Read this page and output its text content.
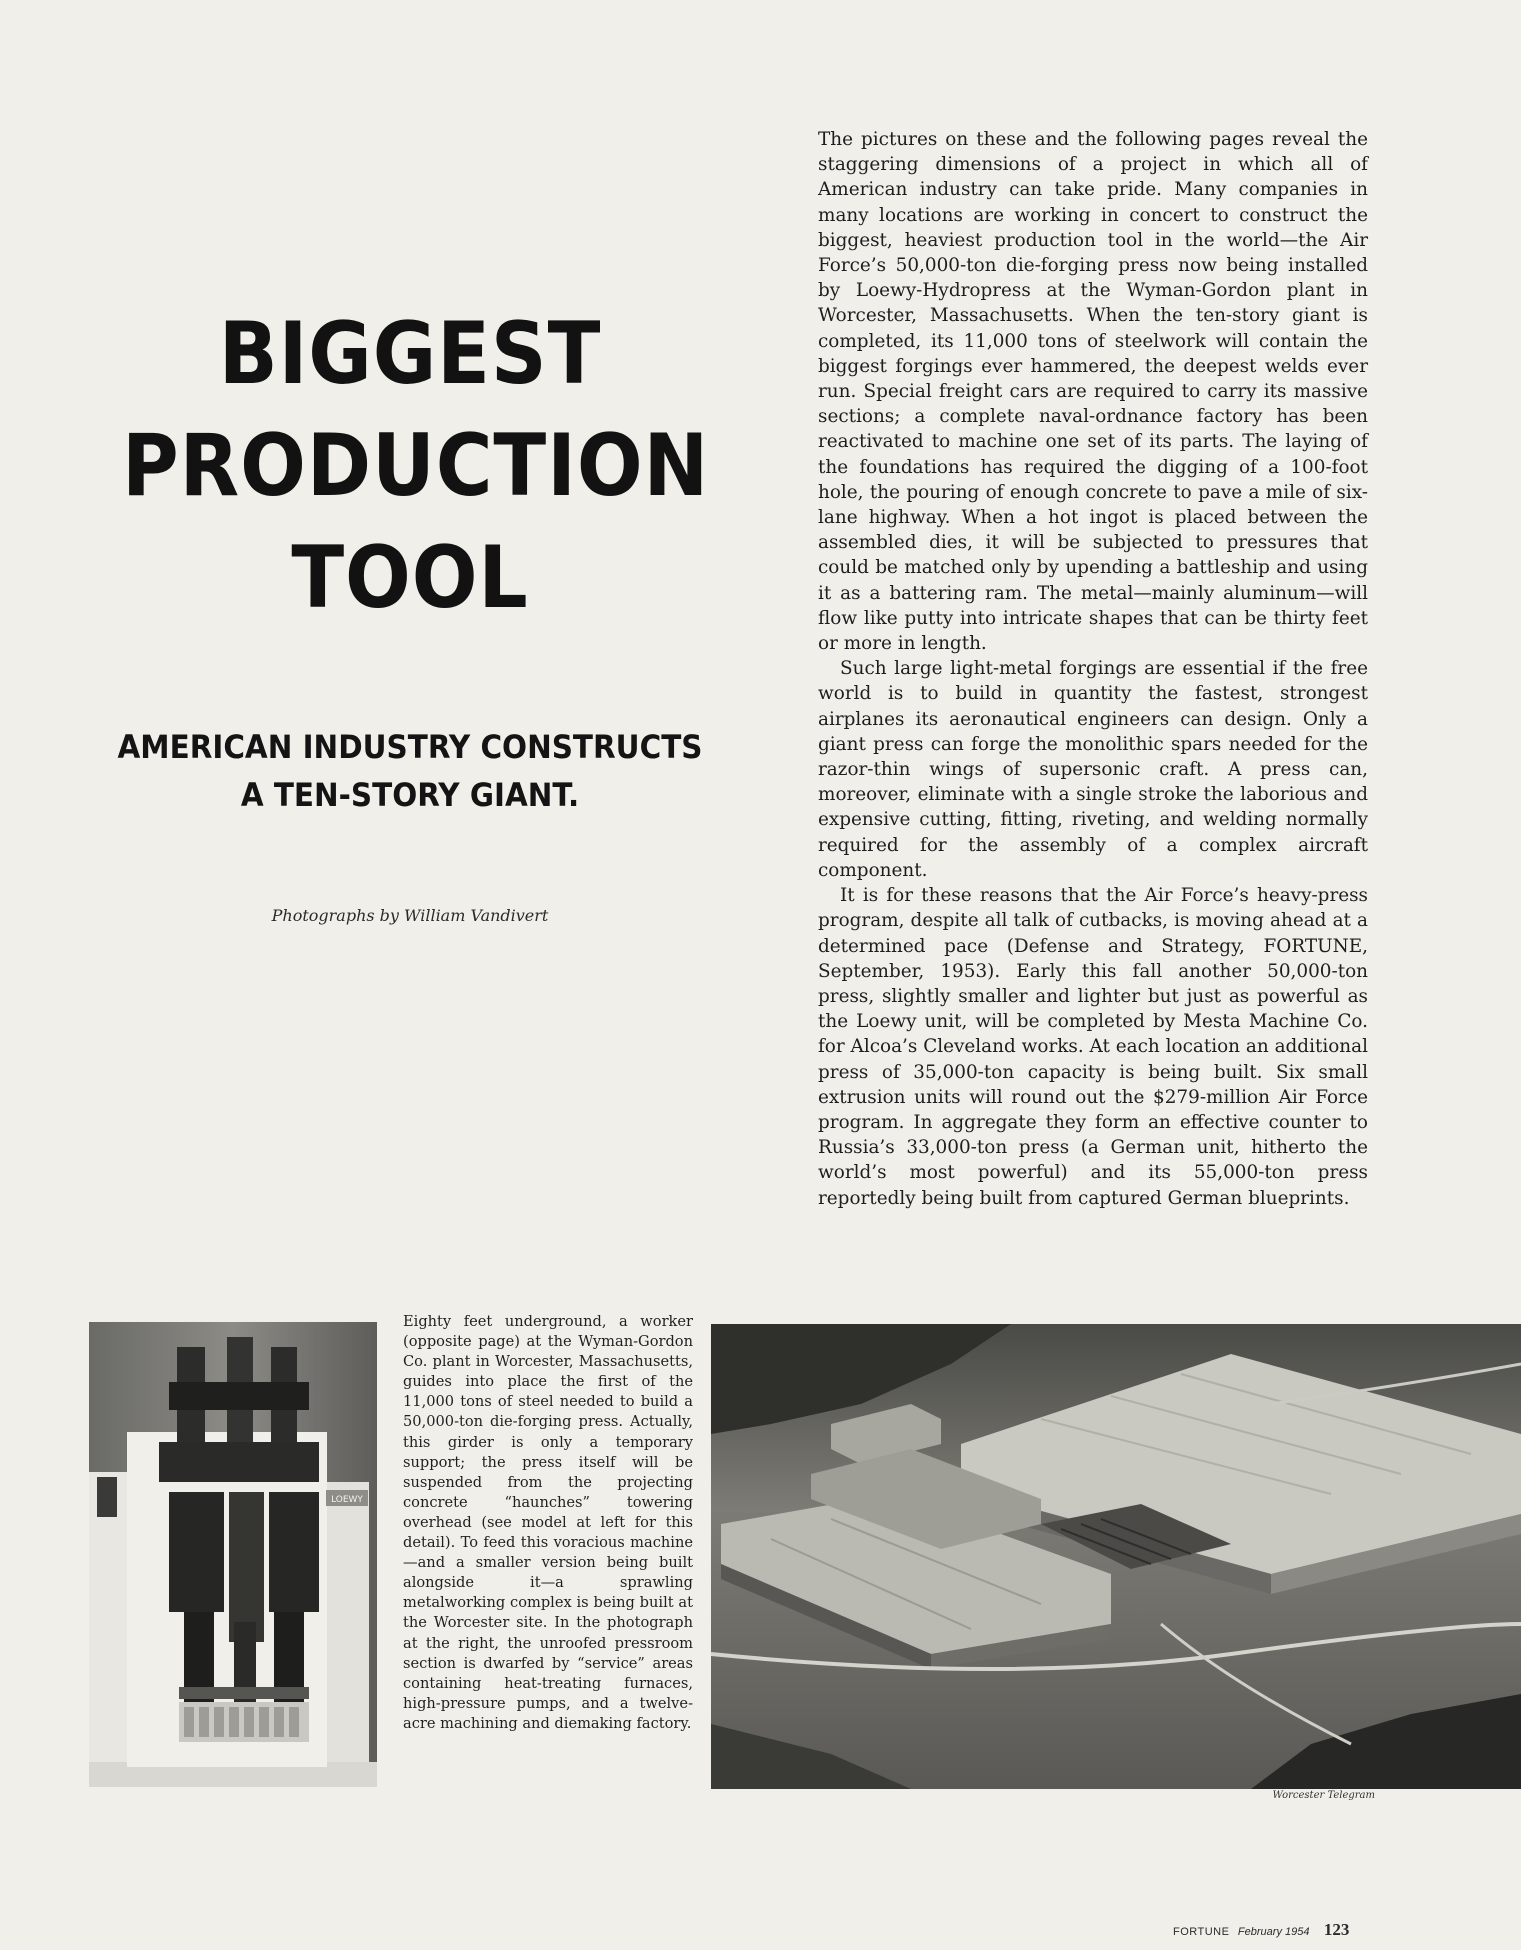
BIGGEST
PRODUCTION
TOOL
AMERICAN INDUSTRY CONSTRUCTS
A TEN-STORY GIANT.
Photographs by William Vandivert

The pictures on these and the following pages reveal the staggering dimensions of a project in which all of American industry can take pride. Many companies in many locations are working in concert to construct the biggest, heaviest production tool in the world—the Air Force’s 50,000-ton die-forging press now being installed by Loewy-Hydropress at the Wyman-Gordon plant in Worcester, Massachusetts. When the ten-story giant is completed, its 11,000 tons of steelwork will contain the biggest forgings ever hammered, the deepest welds ever run. Special freight cars are required to carry its massive sections; a complete naval-ordnance factory has been reactivated to machine one set of its parts. The laying of the foundations has required the digging of a 100-foot hole, the pouring of enough concrete to pave a mile of six-lane highway. When a hot ingot is placed between the assembled dies, it will be subjected to pressures that could be matched only by upending a battleship and using it as a battering ram. The metal—mainly aluminum—will flow like putty into intricate shapes that can be thirty feet or more in length.

Such large light-metal forgings are essential if the free world is to build in quantity the fastest, strongest airplanes its aeronautical engineers can design. Only a giant press can forge the monolithic spars needed for the razor-thin wings of supersonic craft. A press can, moreover, eliminate with a single stroke the laborious and expensive cutting, fitting, riveting, and welding normally required for the assembly of a complex aircraft component.

It is for these reasons that the Air Force’s heavy-press program, despite all talk of cutbacks, is moving ahead at a determined pace (Defense and Strategy, FORTUNE, September, 1953). Early this fall another 50,000-ton press, slightly smaller and lighter but just as powerful as the Loewy unit, will be completed by Mesta Machine Co. for Alcoa’s Cleveland works. At each location an additional press of 35,000-ton capacity is being built. Six small extrusion units will round out the $279-million Air Force program. In aggregate they form an effective counter to Russia’s 33,000-ton press (a German unit, hitherto the world’s most powerful) and its 55,000-ton press reportedly being built from captured German blueprints.

LOEWY
Eighty feet underground, a worker (opposite page) at the Wyman-Gordon Co. plant in Worcester, Massachusetts, guides into place the first of the 11,000 tons of steel needed to build a 50,000-ton die-forging press. Actually, this girder is only a temporary support; the press itself will be suspended from the projecting concrete “haunches” towering overhead (see model at left for this detail). To feed this voracious machine—and a smaller version being built alongside it—a sprawling metalworking complex is being built at the Worcester site. In the photograph at the right, the unroofed pressroom section is dwarfed by “service” areas containing heat-treating furnaces, high-pressure pumps, and a twelve-acre machining and diemaking factory.
Worcester Telegram
FORTUNE February 1954 123
